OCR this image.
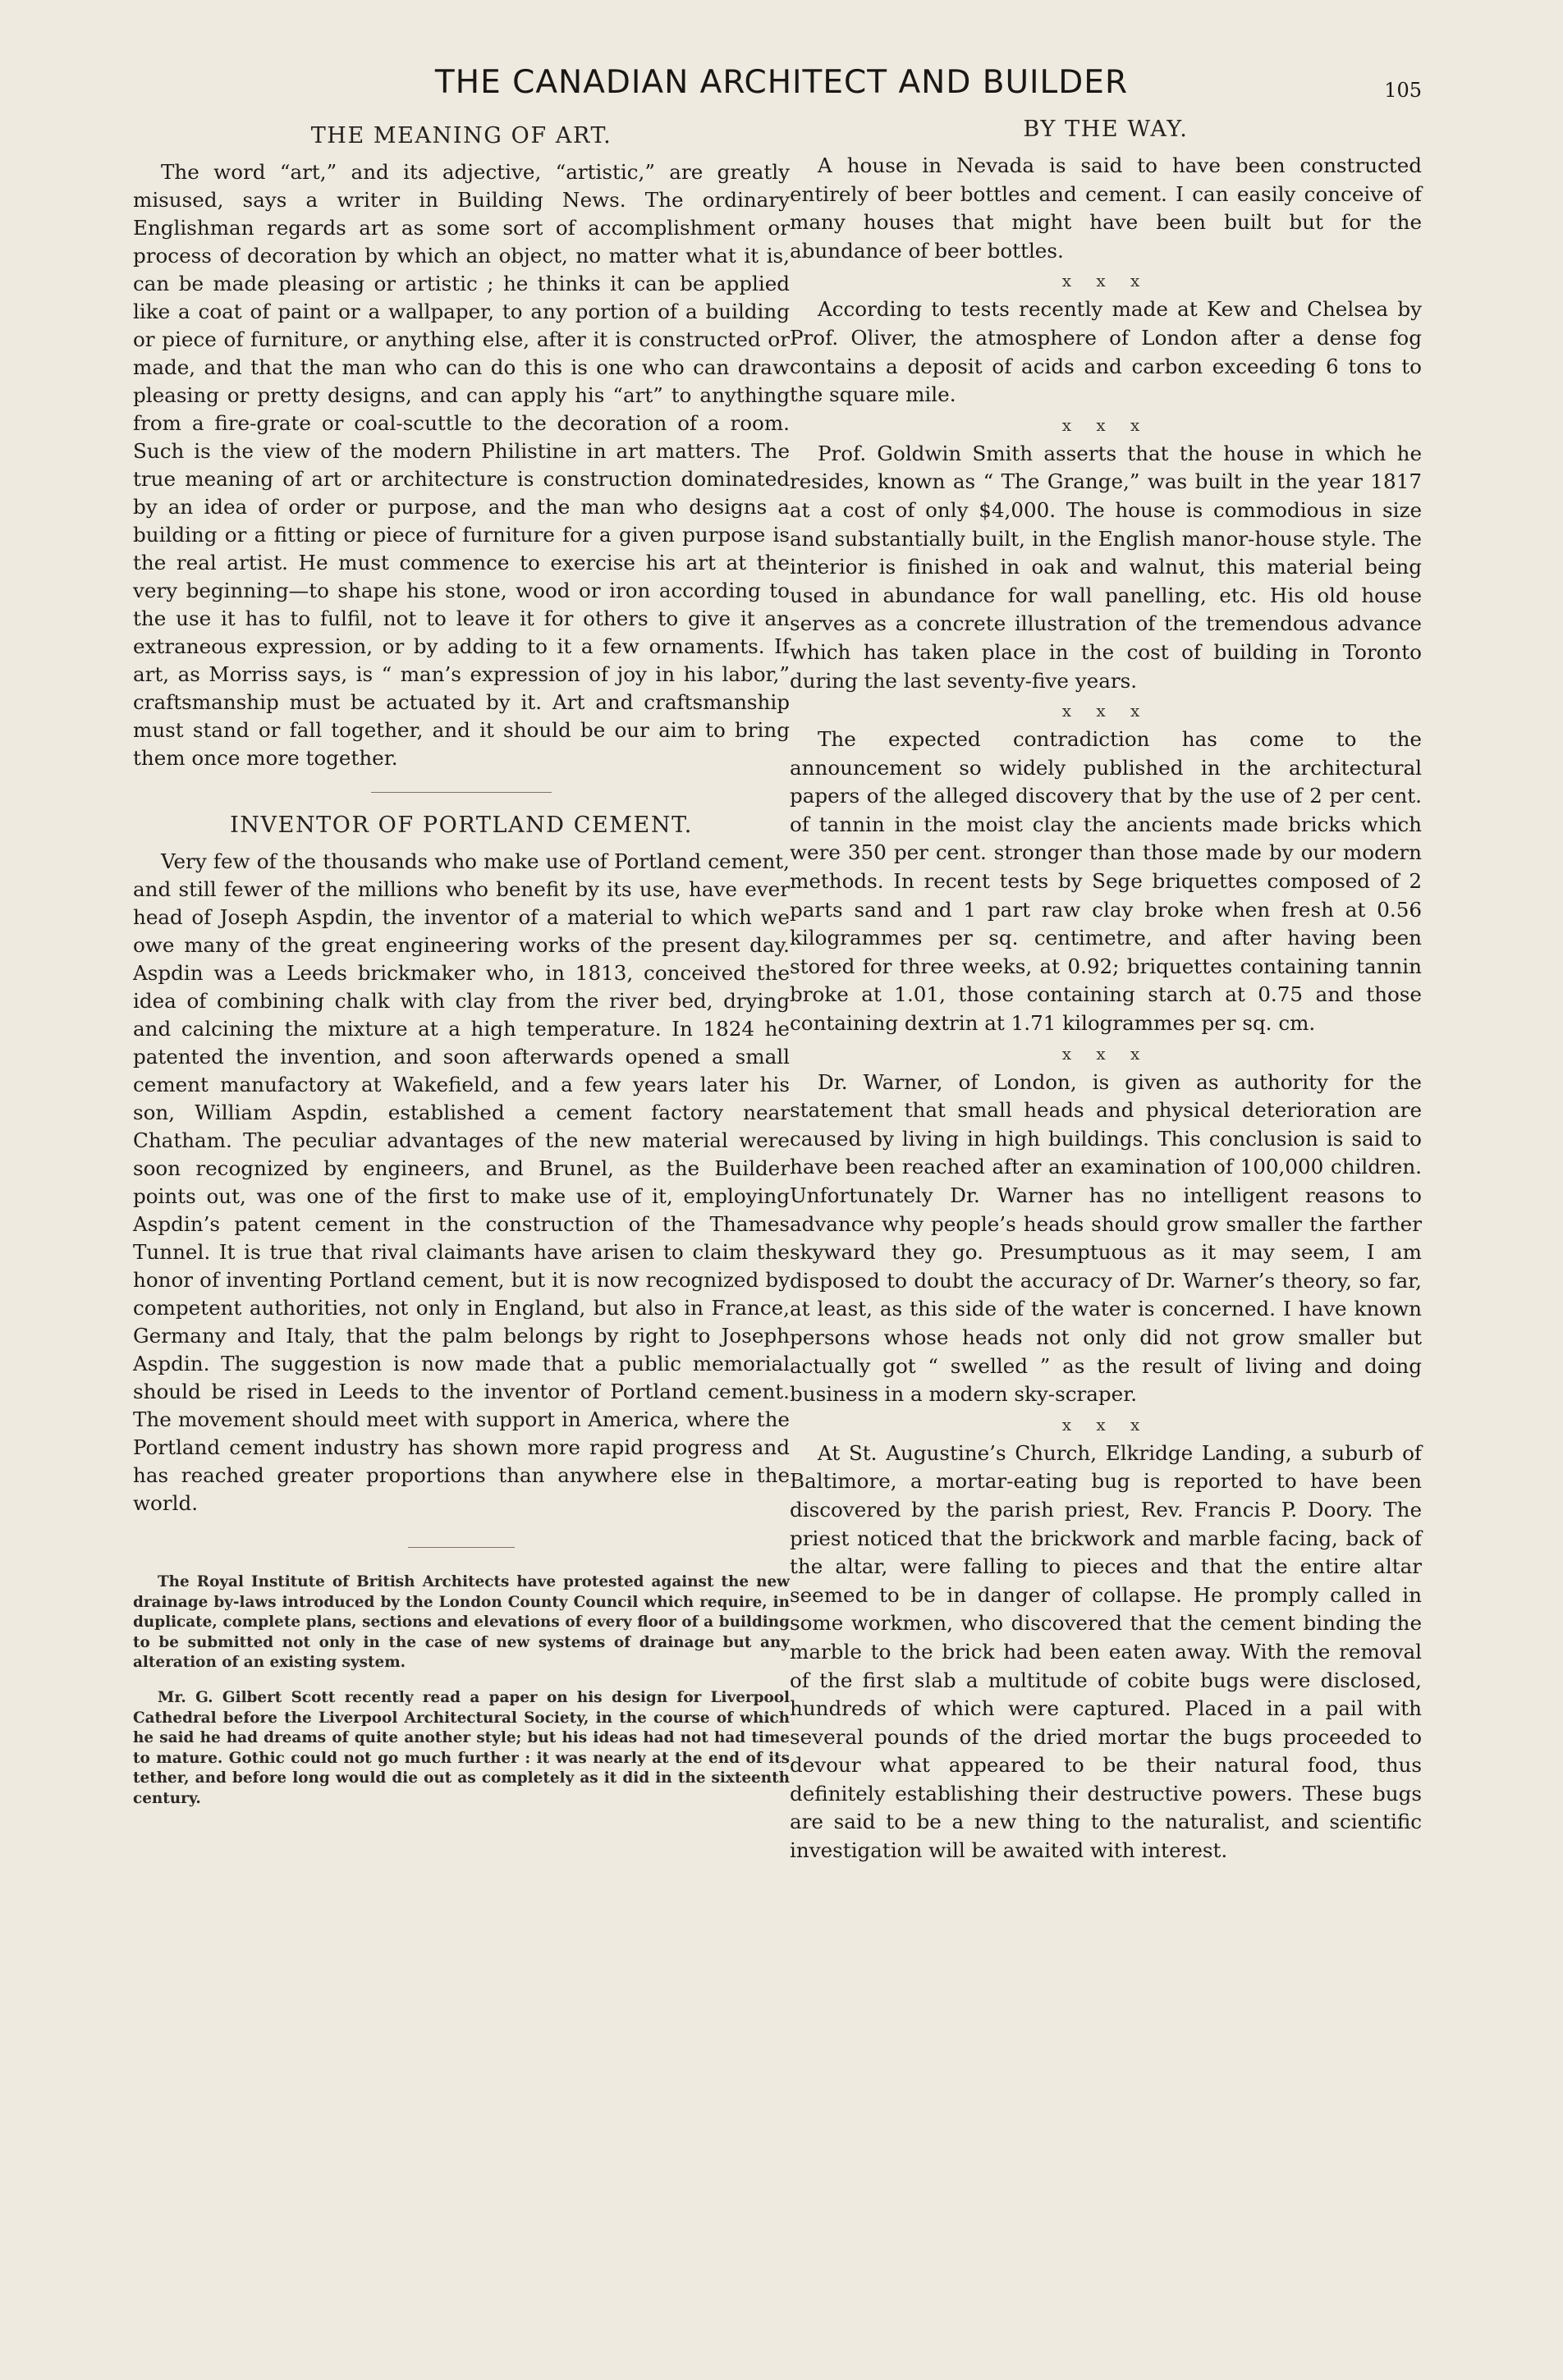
THE CANADIAN ARCHITECT AND BUILDER	105
THE MEANING OF ART.

The word “art,” and its adjective, “artistic,” are greatly misused, says a writer in Building News. The ordinary Englishman regards art as some sort of accomplishment or process of decoration by which an object, no matter what it is, can be made pleasing or artistic ; he thinks it can be applied like a coat of paint or a wallpaper, to any portion of a building or piece of furniture, or anything else, after it is constructed or made, and that the man who can do this is one who can draw pleasing or pretty designs, and can apply his “art” to anything from a fire-grate or coal-scuttle to the decoration of a room. Such is the view of the modern Philistine in art matters. The true meaning of art or architecture is construction dominated by an idea of order or purpose, and the man who designs a building or a fitting or piece of furniture for a given purpose is the real artist. He must commence to exercise his art at the very beginning—to shape his stone, wood or iron according to the use it has to fulfil, not to leave it for others to give it an extraneous expression, or by adding to it a few ornaments. If art, as Morriss says, is “ man’s expression of joy in his labor,” craftsmanship must be actuated by it. Art and craftsmanship must stand or fall together, and it should be our aim to bring them once more together.

INVENTOR OF PORTLAND CEMENT.

Very few of the thousands who make use of Portland cement, and still fewer of the millions who benefit by its use, have ever head of Joseph Aspdin, the inventor of a material to which we owe many of the great engineering works of the present day. Aspdin was a Leeds brickmaker who, in 1813, conceived the idea of combining chalk with clay from the river bed, drying and calcining the mixture at a high temperature. In 1824 he patented the invention, and soon afterwards opened a small cement manufactory at Wakefield, and a few years later his son, William Aspdin, established a cement factory near Chatham. The peculiar advantages of the new material were soon recognized by engineers, and Brunel, as the Builder points out, was one of the first to make use of it, employing Aspdin’s patent cement in the construction of the Thames Tunnel. It is true that rival claimants have arisen to claim the honor of inventing Portland cement, but it is now recognized by competent authorities, not only in England, but also in France, Germany and Italy, that the palm belongs by right to Joseph Aspdin. The suggestion is now made that a public memorial should be rised in Leeds to the inventor of Portland cement. The movement should meet with support in America, where the Portland cement industry has shown more rapid progress and has reached greater proportions than anywhere else in the world.

The Royal Institute of British Architects have protested against the new drainage by-laws introduced by the London County Council which require, in duplicate, complete plans, sections and elevations of every floor of a building to be submitted not only in the case of new systems of drainage but any alteration of an existing system.

Mr. G. Gilbert Scott recently read a paper on his design for Liverpool Cathedral before the Liverpool Architectural Society, in the course of which he said he had dreams of quite another style; but his ideas had not had time to mature. Gothic could not go much further : it was nearly at the end of its tether, and before long would die out as completely as it did in the sixteenth century.

BY THE WAY.

A house in Nevada is said to have been constructed entirely of beer bottles and cement. I can easily conceive of many houses that might have been built but for the abundance of beer bottles.

x x x

According to tests recently made at Kew and Chelsea by Prof. Oliver, the atmosphere of London after a dense fog contains a deposit of acids and carbon exceeding 6 tons to the square mile.

x x x

Prof. Goldwin Smith asserts that the house in which he resides, known as “ The Grange,” was built in the year 1817 at a cost of only $4,000. The house is commodious in size and substantially built, in the English manor-house style. The interior is finished in oak and walnut, this material being used in abundance for wall panelling, etc. His old house serves as a concrete illustration of the tremendous advance which has taken place in the cost of building in Toronto during the last seventy-five years.

x x x

The expected contradiction has come to the announcement so widely published in the architectural papers of the alleged discovery that by the use of 2 per cent. of tannin in the moist clay the ancients made bricks which were 350 per cent. stronger than those made by our modern methods. In recent tests by Sege briquettes composed of 2 parts sand and 1 part raw clay broke when fresh at 0.56 kilogrammes per sq. centimetre, and after having been stored for three weeks, at 0.92; briquettes containing tannin broke at 1.01, those containing starch at 0.75 and those containing dextrin at 1.71 kilogrammes per sq. cm.

x x x

Dr. Warner, of London, is given as authority for the statement that small heads and physical deterioration are caused by living in high buildings. This conclusion is said to have been reached after an examination of 100,000 children. Unfortunately Dr. Warner has no intelligent reasons to advance why people’s heads should grow smaller the farther skyward they go. Presumptuous as it may seem, I am disposed to doubt the accuracy of Dr. Warner’s theory, so far, at least, as this side of the water is concerned. I have known persons whose heads not only did not grow smaller but actually got “ swelled ” as the result of living and doing business in a modern sky-scraper.

x x x

At St. Augustine’s Church, Elkridge Landing, a suburb of Baltimore, a mortar-eating bug is reported to have been discovered by the parish priest, Rev. Francis P. Doory. The priest noticed that the brickwork and marble facing, back of the altar, were falling to pieces and that the entire altar seemed to be in danger of collapse. He promply called in some workmen, who discovered that the cement binding the marble to the brick had been eaten away. With the removal of the first slab a multitude of cobite bugs were disclosed, hundreds of which were captured. Placed in a pail with several pounds of the dried mortar the bugs proceeded to devour what appeared to be their natural food, thus definitely establishing their destructive powers. These bugs are said to be a new thing to the naturalist, and scientific investigation will be awaited with interest.
